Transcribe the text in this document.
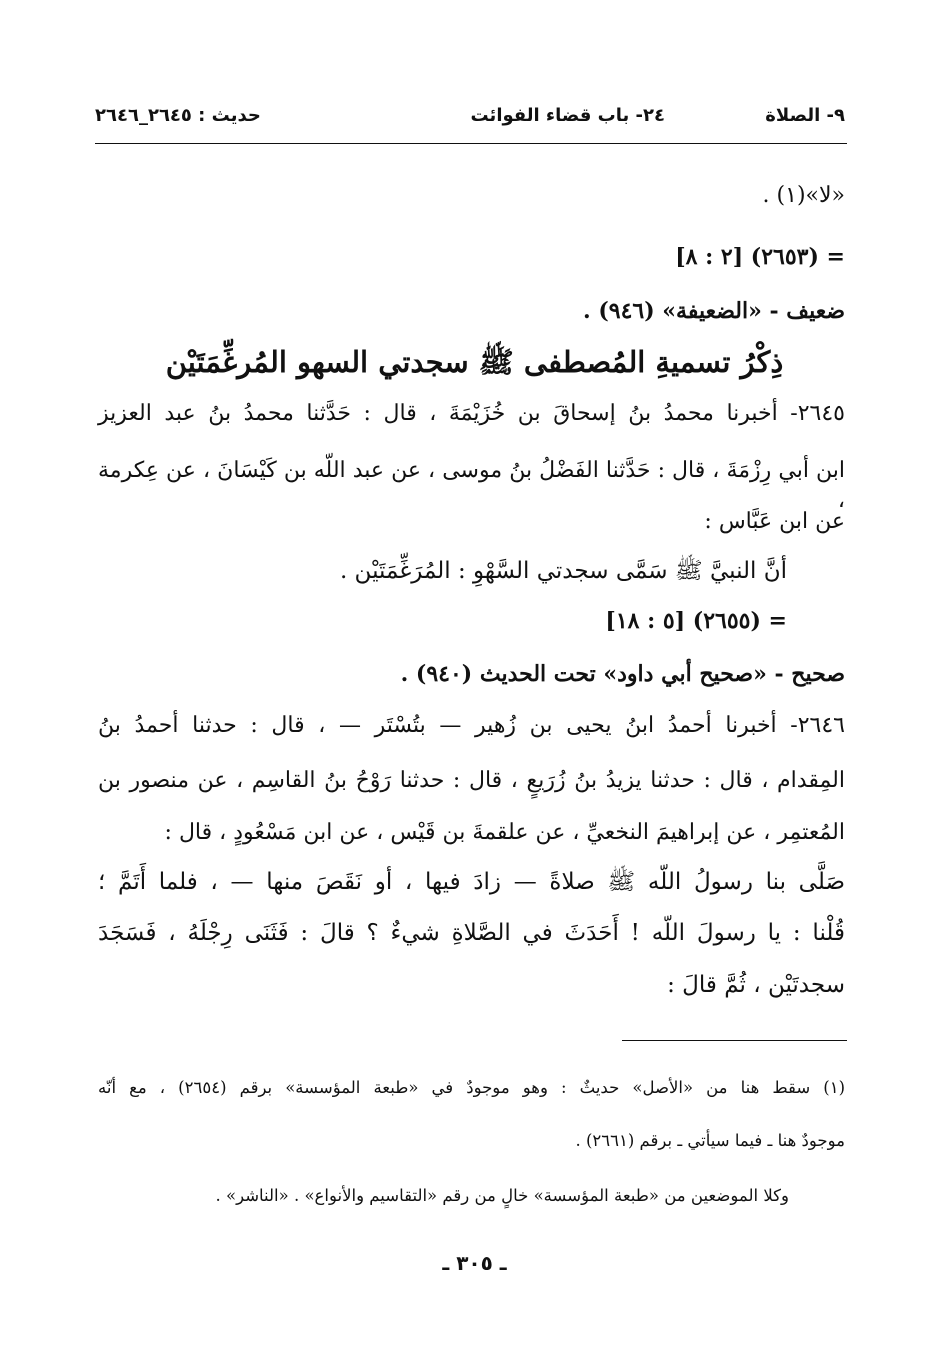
٩- الصلاة
٢٤- باب قضاء الفوائت
حديث : ٢٦٤٥_٢٦٤٦
«لا»(١) .
= (٢٦٥٣) [٢ : ٨]
ضعيف - «الضعيفة» (٩٤٦) .
ذِكْرُ تسميةِ المُصطفى ﷺ سجدتي السهو المُرغِّمَتَيْن
٢٦٤٥- أخبرنا محمدُ بنُ إسحاقَ بن خُزَيْمَةَ ، قال : حَدَّثنا محمدُ بنُ عبد العزيز
ابن أبي رِزْمَةَ ، قال : حَدَّثنا الفَضْلُ بنُ موسى ، عن عبد اللّه بن كَيْسَانَ ، عن عِكرمة ،
عن ابن عَبَّاس :
أنَّ النبيَّ ﷺ سَمَّى سجدتي السَّهْوِ : المُرَغِّمَتَيْن .
= (٢٦٥٥) [٥ : ١٨]
صحيح - «صحيح أبي داود» تحت الحديث (٩٤٠) .
٢٦٤٦- أخبرنا أحمدُ ابنُ يحيى بن زُهير — بتُسْتَر — ، قال : حدثنا أحمدُ بنُ
المِقدام ، قال : حدثنا يزيدُ بنُ زُرَيعٍ ، قال : حدثنا رَوْحُ بنُ القاسِم ، عن منصور بن
المُعتمِر ، عن إبراهيمَ النخعيِّ ، عن علقمةَ بن قَيْس ، عن ابن مَسْعُودٍ ، قال :
صَلَّى بنا رسولُ اللّه ﷺ صلاةً — زادَ فيها ، أو نَقَصَ منها — ، فلما أَتَمَّ ؛
قُلْنا : يا رسولَ اللّه ! أَحَدَثَ في الصَّلاةِ شيءٌ ؟ قالَ : فَثَنَى رِجْلَهُ ، فَسَجَدَ
سجدتَيْن ، ثُمَّ قالَ :
(١) سقط هنا من «الأصل» حديثٌ : وهو موجودٌ في «طبعة المؤسسة» برقم (٢٦٥٤) ، مع أنّه
موجودٌ هنا ـ فيما سيأتي ـ برقم (٢٦٦١) .
وكلا الموضعين من «طبعة المؤسسة» خالٍ من رقم «التقاسيم والأنواع» . «الناشر» .
ـ ٣٠٥ ـ
